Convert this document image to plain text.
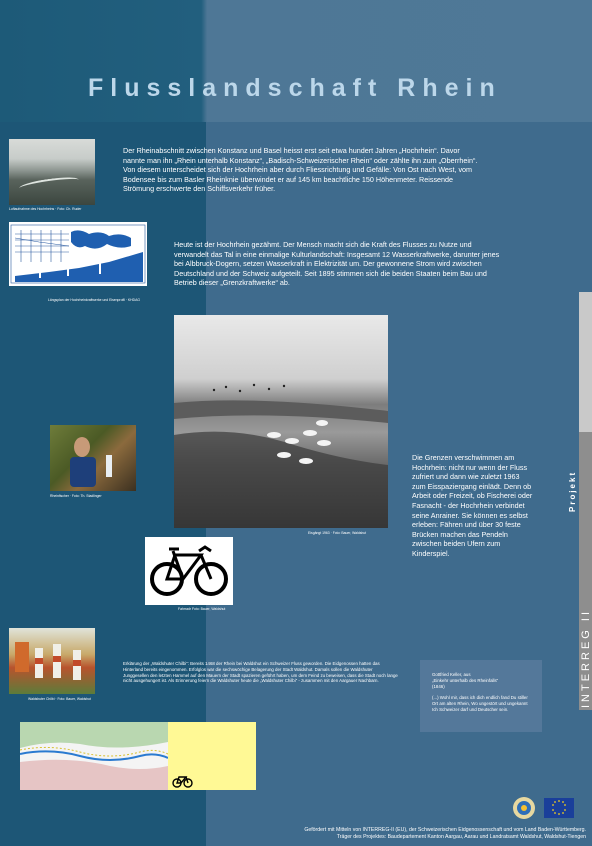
Flusslandschaft Rhein
Luftaufnahme des Hochrheins · Foto: Ch. Ruder
Der Rheinabschnitt zwischen Konstanz und Basel heisst erst seit etwa hundert Jahren „Hochrhein“. Davor nannte man ihn „Rhein unterhalb Konstanz“, „Badisch-Schweizerischer Rhein“ oder zählte ihn zum „Oberrhein“. Von diesem unterscheidet sich der Hochrhein aber durch Fliessrichtung und Gefälle: Von Ost nach West, vom Bodensee bis zum Basler Rheinknie überwindet er auf 145 km beachtliche 150 Höhenmeter. Reissende Strömung erschwerte den Schiffsverkehr früher.
Längsplan der Hochrheinkraftwerke und Eisenprofil · KHDAG
Heute ist der Hochrhein gezähmt. Der Mensch macht sich die Kraft des Flusses zu Nutze und verwandelt das Tal in eine einmalige Kulturlandschaft: Insgesamt 12 Wasserkraftwerke, darunter jenes bei Albbruck-Dogern, setzen Wasserkraft in Elektrizität um. Der gewonnene Strom wird zwischen Deutschland und der Schweiz aufgeteilt. Seit 1895 stimmen sich die beiden Staaten beim Bau und Betrieb dieser „Grenzkraftwerke“ ab.
Eisgängt 1963 · Foto: Bauer, Waldshut
Rheinfischer · Foto: Th. Stadlinger
Die Grenzen verschwimmen am Hochrhein: nicht nur wenn der Fluss zufriert und dann wie zuletzt 1963 zum Eisspaziergang einlädt. Denn ob Arbeit oder Freizeit, ob Fischerei oder Fasnacht - der Hochrhein verbindet seine Anrainer. Sie können es selbst erleben: Fähren und über 30 feste Brücken machen das Pendeln zwischen beiden Ufern zum Kinderspiel.
Fahrradr Foto: Bauer, Waldshut
Waldshuter Chilbi · Foto: Bauer, Waldshut
Erklärung der „Waldshuter Chilbi“: Bereits 1468 der Rhein bei Waldshut ein Schweizer Fluss geworden. Die Eidgenossen hatten das Hinterland bereits eingenommen. Erfolglos war die sechswöchige Belagerung der Stadt Waldshut. Damals sollen die Waldshuter Junggesellen den letzten Hammel auf den Mauern der Stadt spazieren geführt haben, um dem Feind zu beweisen, dass die Stadt noch lange nicht ausgehungert ist. Als Erinnerung feiern die Waldshuter heute die „Waldshuter Chilbi“ - zusammen mit den Aargauer Nachbarn.
Gottfried Keller, aus
„Einkehr unterhalb des Rheinfalls“
(1846)
(...) Wohl mir, dass ich dich endlich fand Du stiller Ort am alten Rhein, Wo ungestört und ungekannt Ich Schweizer darf und Deutscher sein.
Projekt
INTERREG II
Gefördert mit Mitteln von INTERREG-II (EU), der Schweizerischen Eidgenossenschaft und vom Land Baden-Württemberg.
Träger des Projektes: Baudepartement Kanton Aargau, Aarau und Landratsamt Waldshut, Waldshut-Tiengen
